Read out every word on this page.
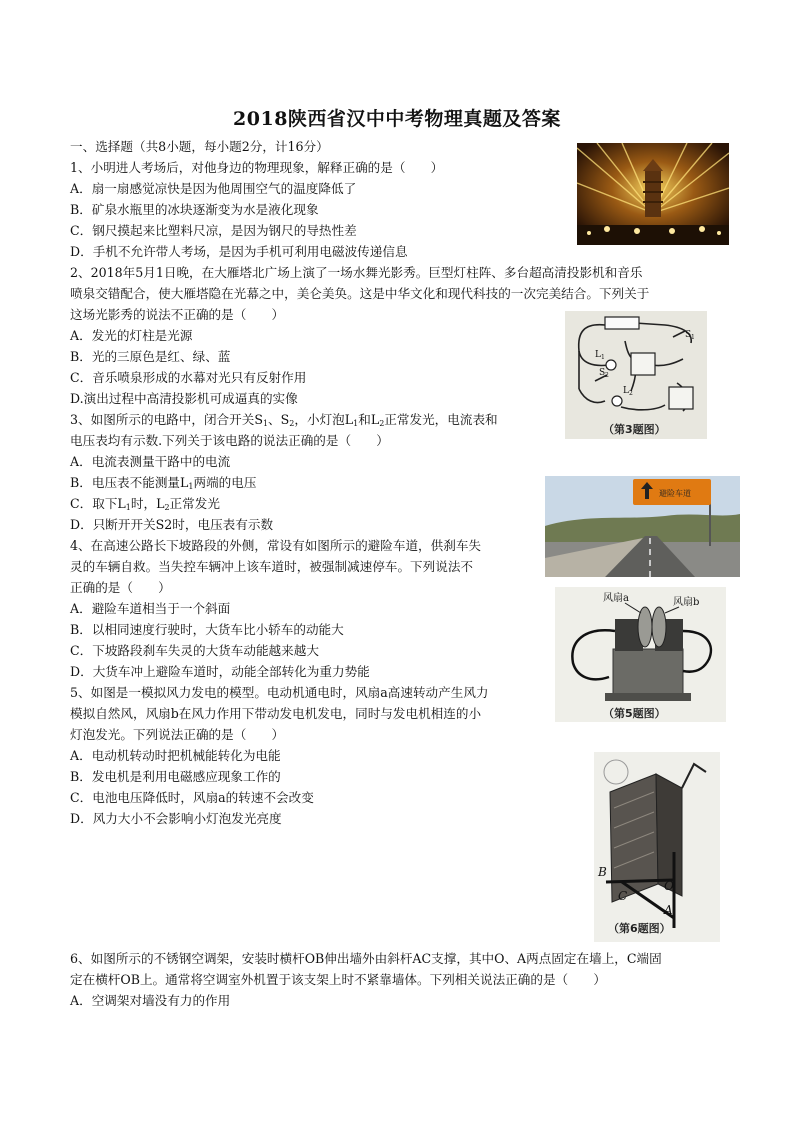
2018陕西省汉中中考物理真题及答案
一、选择题（共8小题，每小题2分，计16分）
1、小明进人考场后，对他身边的物理现象，解释正确的是（　　）
A．扇一扇感觉凉快是因为他周围空气的温度降低了
B．矿泉水瓶里的冰块逐渐变为水是液化现象
C．钢尺摸起来比塑料尺凉，是因为钢尺的导热性差
D．手机不允许带人考场，是因为手机可利用电磁波传递信息
2、2018年5月1日晚，在大雁塔北广场上演了一场水舞光影秀。巨型灯柱阵、多台超高清投影机和音乐
喷泉交错配合，使大雁塔隐在光幕之中，美仑美奂。这是中华文化和现代科技的一次完美结合。下列关于
这场光影秀的说法不正确的是（　　）
A．发光的灯柱是光源
B．光的三原色是红、绿、蓝
C．音乐喷泉形成的水幕对光只有反射作用
D.演出过程中高清投影机可成逼真的实像
3、如图所示的电路中，闭合开关$S_1$、$S_2$，小灯泡$L_1$和$L_2$正常发光，电流表和
电压表均有示数.下列关于该电路的说法正确的是（　　）
A．电流表测量干路中的电流
B．电压表不能测量$L_1$两端的电压
C．取下$L_1$时，$L_2$正常发光
D．只断开开关S2时，电压表有示数
4、在高速公路长下坡路段的外侧，常设有如图所示的避险车道，供刹车失
灵的车辆自救。当失控车辆冲上该车道时，被强制减速停车。下列说法不
正确的是（　　）
A．避险车道相当于一个斜面
B．以相同速度行驶时，大货车比小轿车的动能大
C．下坡路段刹车失灵的大货车动能越来越大
D．大货车冲上避险车道时，动能全部转化为重力势能
5、如图是一模拟风力发电的模型。电动机通电时，风扇a高速转动产生风力
模拟自然风，风扇b在风力作用下带动发电机发电，同时与发电机相连的小
灯泡发光。下列说法正确的是（　　）
A．电动机转动时把机械能转化为电能
B．发电机是利用电磁感应现象工作的
C．电池电压降低时，风扇a的转速不会改变
D．风力大小不会影响小灯泡发光亮度
6、如图所示的不锈钢空调架，安装时横杆OB伸出墙外由斜杆AC支撑，其中O、A两点固定在墙上，C端固
定在横杆OB上。通常将空调室外机置于该支架上时不紧靠墙体。下列相关说法正确的是（　　）
A．空调架对墙没有力的作用
S 1
S 2
L 1
L 2
（第3题图）
避险车道
风扇a	风扇b
（第5题图）
B
C
O
A
（第6题图）
